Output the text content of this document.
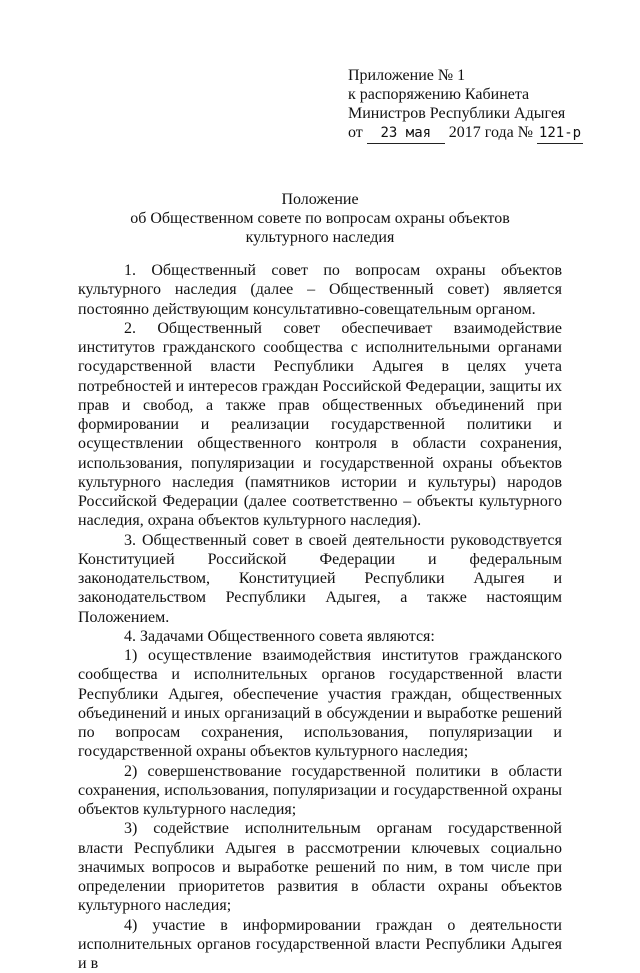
Приложение № 1
к распоряжению Кабинета
Министров Республики Адыгея
от 23 мая 2017 года № 121-р
Положение
об Общественном совете по вопросам охраны объектов
культурного наследия

1. Общественный совет по вопросам охраны объектов культурного наследия (далее – Общественный совет) является постоянно действующим консультативно-совещательным органом.

2. Общественный совет обеспечивает взаимодействие институтов гражданского сообщества с исполнительными органами государственной власти Республики Адыгея в целях учета потребностей и интересов граждан Российской Федерации, защиты их прав и свобод, а также прав общественных объединений при формировании и реализации государственной политики и осуществлении общественного контроля в области сохранения, использования, популяризации и государственной охраны объектов культурного наследия (памятников истории и культуры) народов Российской Федерации (далее соответственно – объекты культурного наследия, охрана объектов культурного наследия).

3. Общественный совет в своей деятельности руководствуется Конституцией Российской Федерации и федеральным законодательством, Конституцией Республики Адыгея и законодательством Республики Адыгея, а также настоящим Положением.

4. Задачами Общественного совета являются:

1) осуществление взаимодействия институтов гражданского сообщества и исполнительных органов государственной власти Республики Адыгея, обеспечение участия граждан, общественных объединений и иных организаций в обсуждении и выработке решений по вопросам сохранения, использования, популяризации и государственной охраны объектов культурного наследия;

2) совершенствование государственной политики в области сохранения, использования, популяризации и государственной охраны объектов культурного наследия;

3) содействие исполнительным органам государственной власти Республики Адыгея в рассмотрении ключевых социально значимых вопросов и выработке решений по ним, в том числе при определении приоритетов развития в области охраны объектов культурного наследия;

4) участие в информировании граждан о деятельности исполнительных органов государственной власти Республики Адыгея и в
